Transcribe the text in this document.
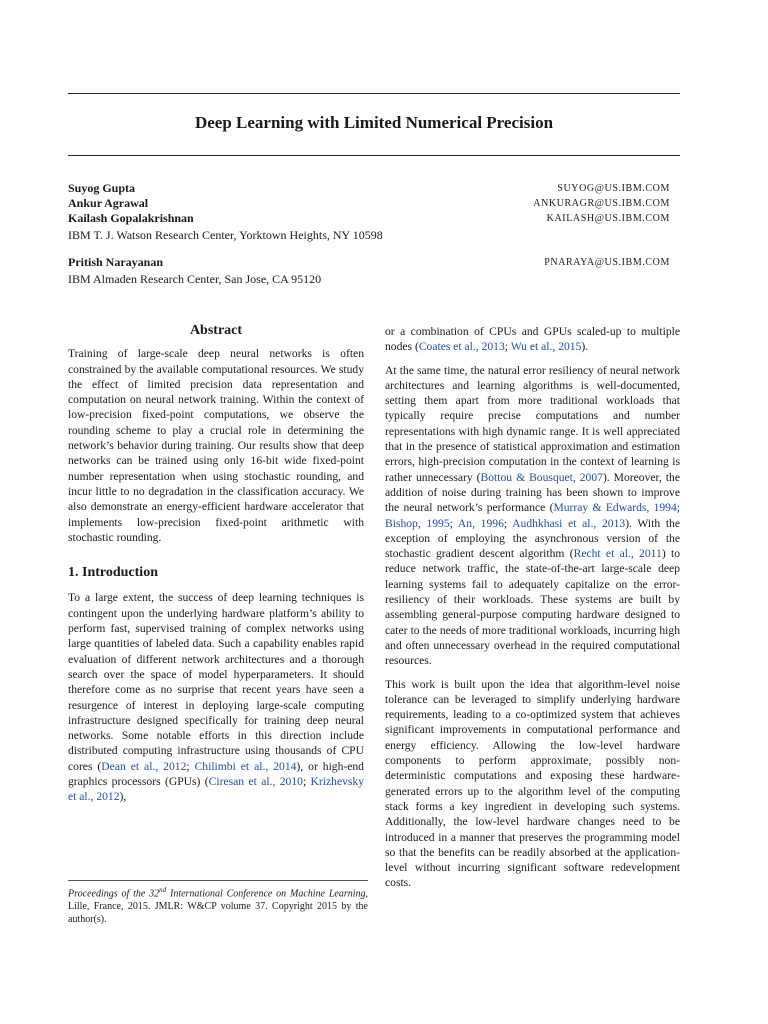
Deep Learning with Limited Numerical Precision
Suyog Gupta	SUYOG@US.IBM.COM
Ankur Agrawal	ANKURAGR@US.IBM.COM
Kailash Gopalakrishnan	KAILASH@US.IBM.COM
IBM T. J. Watson Research Center, Yorktown Heights, NY 10598
Pritish Narayanan	PNARAYA@US.IBM.COM
IBM Almaden Research Center, San Jose, CA 95120
Abstract

Training of large-scale deep neural networks is often constrained by the available computational resources. We study the effect of limited precision data representation and computation on neural network training. Within the context of low-precision fixed-point computations, we observe the rounding scheme to play a crucial role in determining the network’s behavior during training. Our results show that deep networks can be trained using only 16-bit wide fixed-point number representation when using stochastic rounding, and incur little to no degradation in the classification accuracy. We also demonstrate an energy-efficient hardware accelerator that implements low-precision fixed-point arithmetic with stochastic rounding.

1. Introduction

To a large extent, the success of deep learning techniques is contingent upon the underlying hardware platform’s ability to perform fast, supervised training of complex networks using large quantities of labeled data. Such a capability enables rapid evaluation of different network architectures and a thorough search over the space of model hyperparameters. It should therefore come as no surprise that recent years have seen a resurgence of interest in deploying large-scale computing infrastructure designed specifically for training deep neural networks. Some notable efforts in this direction include distributed computing infrastructure using thousands of CPU cores (Dean et al., 2012; Chilimbi et al., 2014), or high-end graphics processors (GPUs) (Ciresan et al., 2010; Krizhevsky et al., 2012),

Proceedings of the 32nd International Conference on Machine Learning, Lille, France, 2015. JMLR: W&CP volume 37. Copyright 2015 by the author(s).

or a combination of CPUs and GPUs scaled-up to multiple nodes (Coates et al., 2013; Wu et al., 2015).

At the same time, the natural error resiliency of neural network architectures and learning algorithms is well-documented, setting them apart from more traditional workloads that typically require precise computations and number representations with high dynamic range. It is well appreciated that in the presence of statistical approximation and estimation errors, high-precision computation in the context of learning is rather unnecessary (Bottou & Bousquet, 2007). Moreover, the addition of noise during training has been shown to improve the neural network’s performance (Murray & Edwards, 1994; Bishop, 1995; An, 1996; Audhkhasi et al., 2013). With the exception of employing the asynchronous version of the stochastic gradient descent algorithm (Recht et al., 2011) to reduce network traffic, the state-of-the-art large-scale deep learning systems fail to adequately capitalize on the error-resiliency of their workloads. These systems are built by assembling general-purpose computing hardware designed to cater to the needs of more traditional workloads, incurring high and often unnecessary overhead in the required computational resources.

This work is built upon the idea that algorithm-level noise tolerance can be leveraged to simplify underlying hardware requirements, leading to a co-optimized system that achieves significant improvements in computational performance and energy efficiency. Allowing the low-level hardware components to perform approximate, possibly non-deterministic computations and exposing these hardware-generated errors up to the algorithm level of the computing stack forms a key ingredient in developing such systems. Additionally, the low-level hardware changes need to be introduced in a manner that preserves the programming model so that the benefits can be readily absorbed at the application-level without incurring significant software redevelopment costs.
